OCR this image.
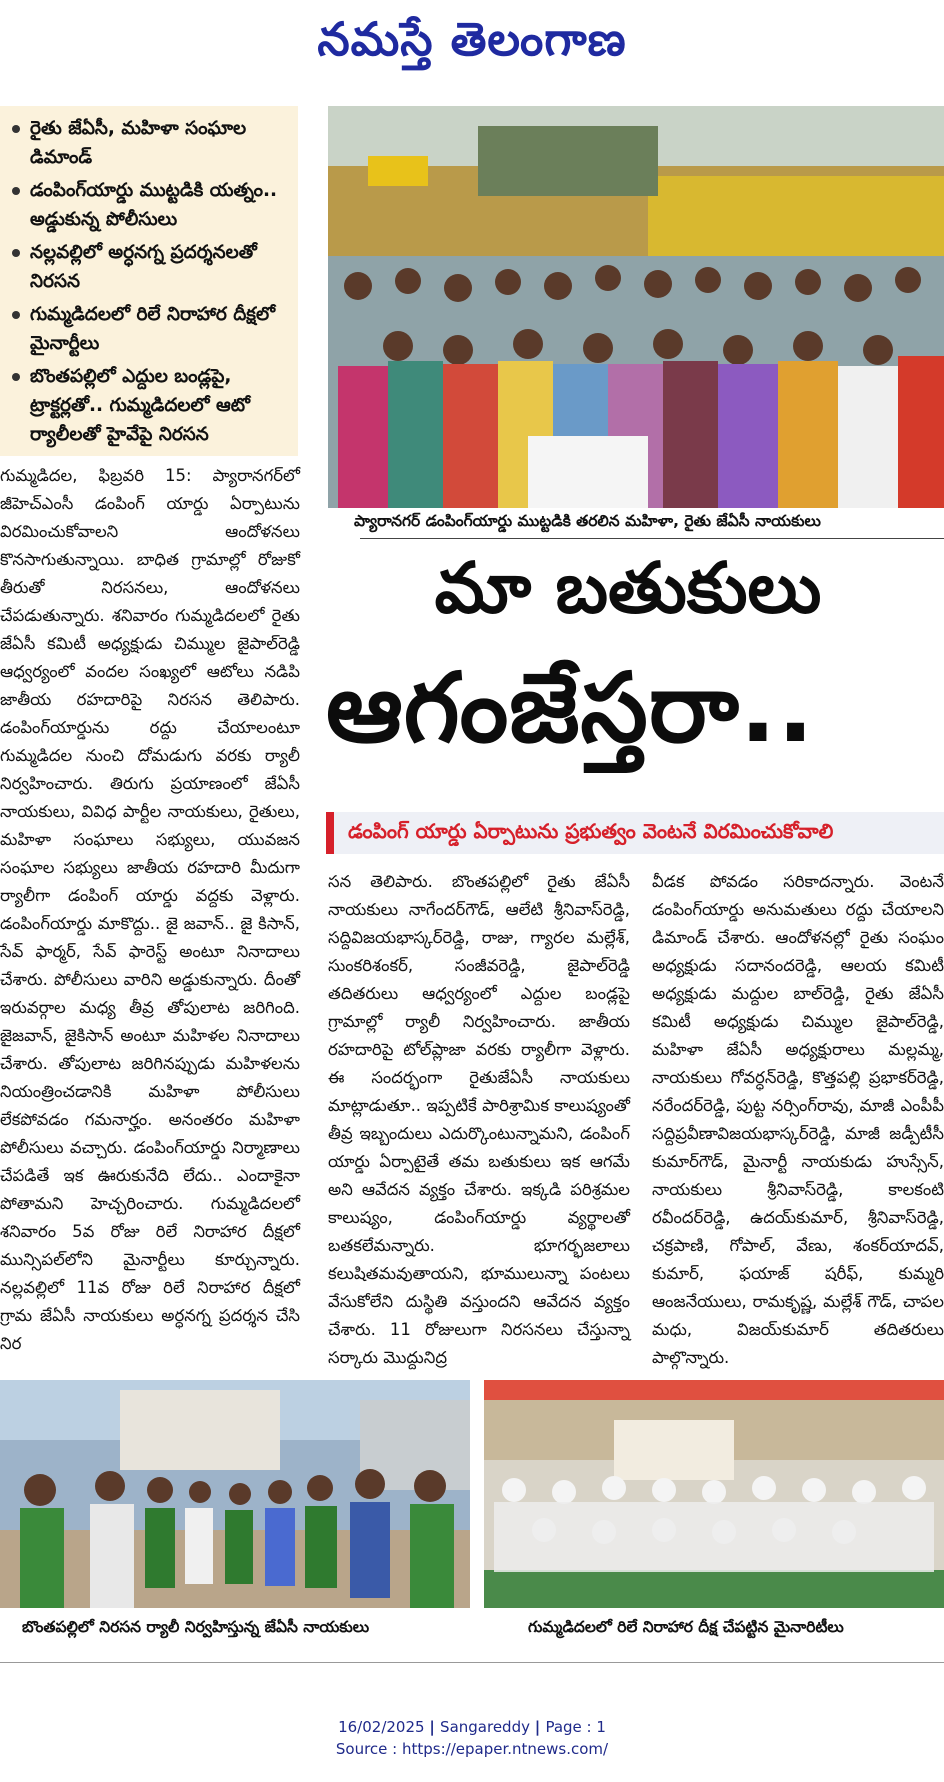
నమస్తే తెలంగాణ
రైతు జేఏసీ, మహిళా సంఘాల డిమాండ్
డంపింగ్‌యార్డు ముట్టడికి యత్నం.. అడ్డుకున్న పోలీసులు
నల్లవల్లిలో అర్ధనగ్న ప్రదర్శనలతో నిరసన
గుమ్మడిదలలో రిలే నిరాహార దీక్షలో మైనార్టీలు
బొంతపల్లిలో ఎద్దుల బండ్లపై, ట్రాక్టర్లతో.. గుమ్మడిదలలో ఆటో ర్యాలీలతో హైవేపై నిరసన
ప్యారానగర్ డంపింగ్‌యార్డు ముట్టడికి తరలిన మహిళా, రైతు జేఏసీ నాయకులు
మా బతుకులు
ఆగంజేస్తరా..
డంపింగ్ యార్డు ఏర్పాటును ప్రభుత్వం వెంటనే విరమించుకోవాలి

గుమ్మడిదల, ఫిబ్రవరి 15: ప్యారానగర్‌లో జీహెచ్‌ఎంసీ డంపింగ్ యార్డు ఏర్పాటును విరమించుకోవాలని ఆందోళనలు కొనసాగుతున్నాయి. బాధిత గ్రామాల్లో రోజుకో తీరుతో నిరసనలు, ఆందోళనలు చేపడుతున్నారు. శనివారం గుమ్మడిదలలో రైతు జేఏసీ కమిటీ అధ్యక్షుడు చిమ్ముల జైపాల్‌రెడ్డి ఆధ్వర్యంలో వందల సంఖ్యలో ఆటోలు నడిపి జాతీయ రహదారిపై నిరసన తెలిపారు. డంపింగ్‌యార్డును రద్దు చేయాలంటూ గుమ్మడిదల నుంచి దోమడుగు వరకు ర్యాలీ నిర్వహించారు. తిరుగు ప్రయాణంలో జేఏసీ నాయకులు, వివిధ పార్టీల నాయకులు, రైతులు, మహిళా సంఘాలు సభ్యులు, యువజన సంఘాల సభ్యులు జాతీయ రహదారి మీదుగా ర్యాలీగా డంపింగ్ యార్డు వద్దకు వెళ్లారు. డంపింగ్‌యార్డు మాకొద్దు.. జై జవాన్.. జై కిసాన్, సేవ్ ఫార్మర్, సేవ్ ఫారెస్ట్ అంటూ నినాదాలు చేశారు. పోలీసులు వారిని అడ్డుకున్నారు. దీంతో ఇరువర్గాల మధ్య తీవ్ర తోపులాట జరిగింది. జైజవాన్, జైకిసాన్ అంటూ మహిళల నినాదాలు చేశారు. తోపులాట జరిగినప్పుడు మహిళలను నియంత్రించడానికి మహిళా పోలీసులు లేకపోవడం గమనార్హం. అనంతరం మహిళా పోలీసులు వచ్చారు. డంపింగ్‌యార్డు నిర్మాణాలు చేపడితే ఇక ఊరుకునేది లేదు.. ఎందాకైనా పోతామని హెచ్చరించారు. గుమ్మడిదలలో శనివారం 5వ రోజు రిలే నిరాహార దీక్షలో మున్సిపల్‌లోని మైనార్టీలు కూర్చున్నారు. నల్లవల్లిలో 11వ రోజు రిలే నిరాహార దీక్షలో గ్రామ జేఏసీ నాయకులు అర్ధనగ్న ప్రదర్శన చేసి నిర

సన తెలిపారు. బొంతపల్లిలో రైతు జేఏసీ నాయకులు నాగేందర్‌గౌడ్, ఆలేటి శ్రీనివాస్‌రెడ్డి, సద్దివిజయభాస్కర్‌రెడ్డి, రాజు, గ్యారల మల్లేశ్, సుంకరిశంకర్, సంజీవరెడ్డి, జైపాల్‌రెడ్డి తదితరులు ఆధ్వర్యంలో ఎద్దుల బండ్లపై గ్రామాల్లో ర్యాలీ నిర్వహించారు. జాతీయ రహదారిపై టోల్‌ప్లాజా వరకు ర్యాలీగా వెళ్లారు. ఈ సందర్భంగా రైతుజేఏసీ నాయకులు మాట్లాడుతూ.. ఇప్పటికే పారిశ్రామిక కాలుష్యంతో తీవ్ర ఇబ్బందులు ఎదుర్కొంటున్నామని, డంపింగ్ యార్డు ఏర్పాటైతే తమ బతుకులు ఇక ఆగమే అని ఆవేదన వ్యక్తం చేశారు. ఇక్కడి పరిశ్రమల కాలుష్యం, డంపింగ్‌యార్డు వ్యర్థాలతో బతకలేమన్నారు. భూగర్భజలాలు కలుషితమవుతాయని, భూములున్నా పంటలు వేసుకోలేని దుస్థితి వస్తుందని ఆవేదన వ్యక్తం చేశారు. 11 రోజులుగా నిరసనలు చేస్తున్నా సర్కారు మొద్దునిద్ర

వీడక పోవడం సరికాదన్నారు. వెంటనే డంపింగ్‌యార్డు అనుమతులు రద్దు చేయాలని డిమాండ్ చేశారు. ఆందోళనల్లో రైతు సంఘం అధ్యక్షుడు సదానందరెడ్డి, ఆలయ కమిటీ అధ్యక్షుడు మద్దుల బాల్‌రెడ్డి, రైతు జేఏసీ కమిటీ అధ్యక్షుడు చిమ్ముల జైపాల్‌రెడ్డి, మహిళా జేఏసీ అధ్యక్షురాలు మల్లమ్మ, నాయకులు గోవర్ధన్‌రెడ్డి, కొత్తపల్లి ప్రభాకర్‌రెడ్డి, నరేందర్‌రెడ్డి, పుట్ట నర్సింగ్‌రావు, మాజీ ఎంపీపీ సద్దిప్రవీణావిజయభాస్కర్‌రెడ్డి, మాజీ జడ్పీటీసీ కుమార్‌గౌడ్, మైనార్టీ నాయకుడు హుస్సేన్, నాయకులు శ్రీనివాస్‌రెడ్డి, కాలకంటి రవీందర్‌రెడ్డి, ఉదయ్‌కుమార్, శ్రీనివాస్‌రెడ్డి, చక్రపాణి, గోపాల్, వేణు, శంకర్‌యాదవ్, కుమార్, ఫయాజ్ షరీఫ్, కుమ్మరి ఆంజనేయులు, రామకృష్ణ, మల్లేశ్ గౌడ్, చాపల మధు, విజయ్‌కుమార్ తదితరులు పాల్గొన్నారు.

బొంతపల్లిలో నిరసన ర్యాలీ నిర్వహిస్తున్న జేఏసీ నాయకులు	గుమ్మడిదలలో రిలే నిరాహార దీక్ష చేపట్టిన మైనారిటీలు
16/02/2025 | Sangareddy | Page : 1
Source : https://epaper.ntnews.com/
